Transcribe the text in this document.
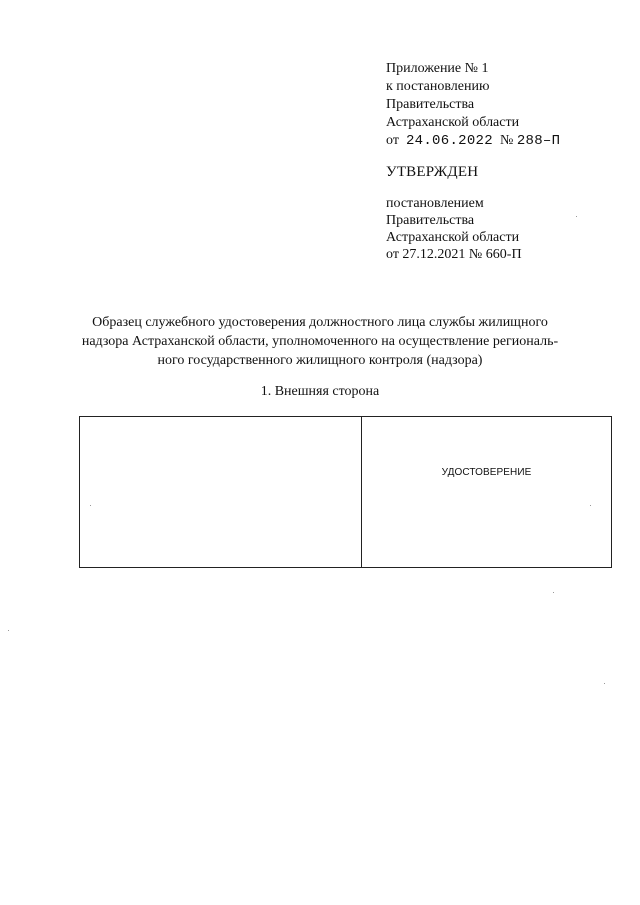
Приложение № 1
к постановлению
Правительства
Астраханской области
от 24.06.2022 № 288–П
УТВЕРЖДЕН
постановлением
Правительства
Астраханской области
от 27.12.2021 № 660-П
Образец служебного удостоверения должностного лица службы жилищного
надзора Астраханской области, уполномоченного на осуществление региональ-
ного государственного жилищного контроля (надзора)
1. Внешняя сторона
УДОСТОВЕРЕНИЕ
